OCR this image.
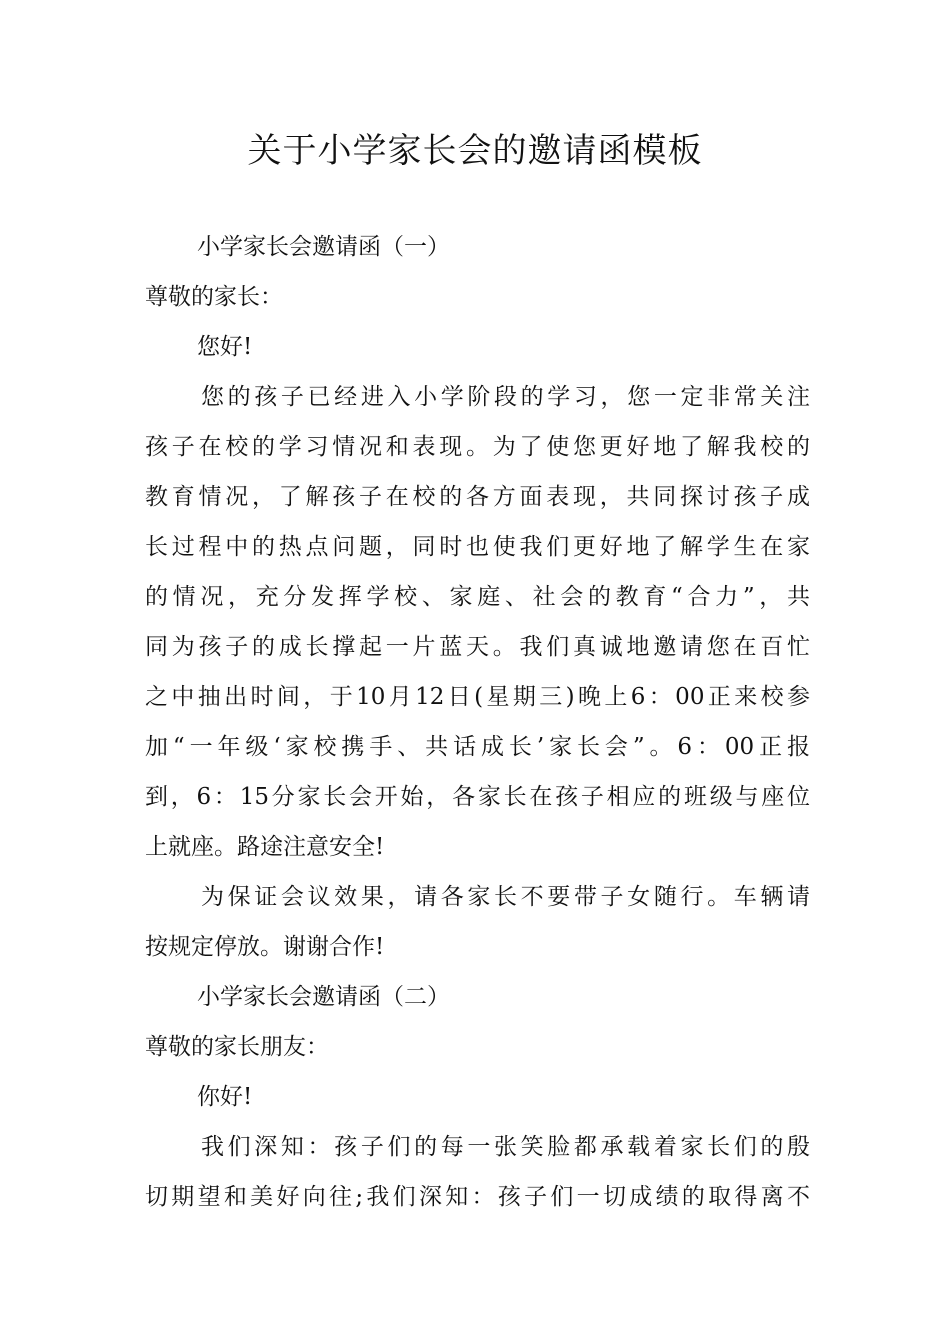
关于小学家长会的邀请函模板
小学家长会邀请函（一）
尊敬的家长：
您好!
您的孩子已经进入小学阶段的学习，您一定非常关注
孩子在校的学习情况和表现。为了使您更好地了解我校的
教育情况，了解孩子在校的各方面表现，共同探讨孩子成
长过程中的热点问题，同时也使我们更好地了解学生在家
的情况，充分发挥学校、家庭、社会的教育“合力”，共
同为孩子的成长撑起一片蓝天。我们真诚地邀请您在百忙
之中抽出时间，于10月12日(星期三)晚上6：00正来校参
加“一年级‘家校携手、共话成长’家长会”。6：00正报
到，6：15分家长会开始，各家长在孩子相应的班级与座位
上就座。路途注意安全!
为保证会议效果，请各家长不要带子女随行。车辆请
按规定停放。谢谢合作!
小学家长会邀请函（二）
尊敬的家长朋友：
你好!
我们深知：孩子们的每一张笑脸都承载着家长们的殷
切期望和美好向往;我们深知：孩子们一切成绩的取得离不
